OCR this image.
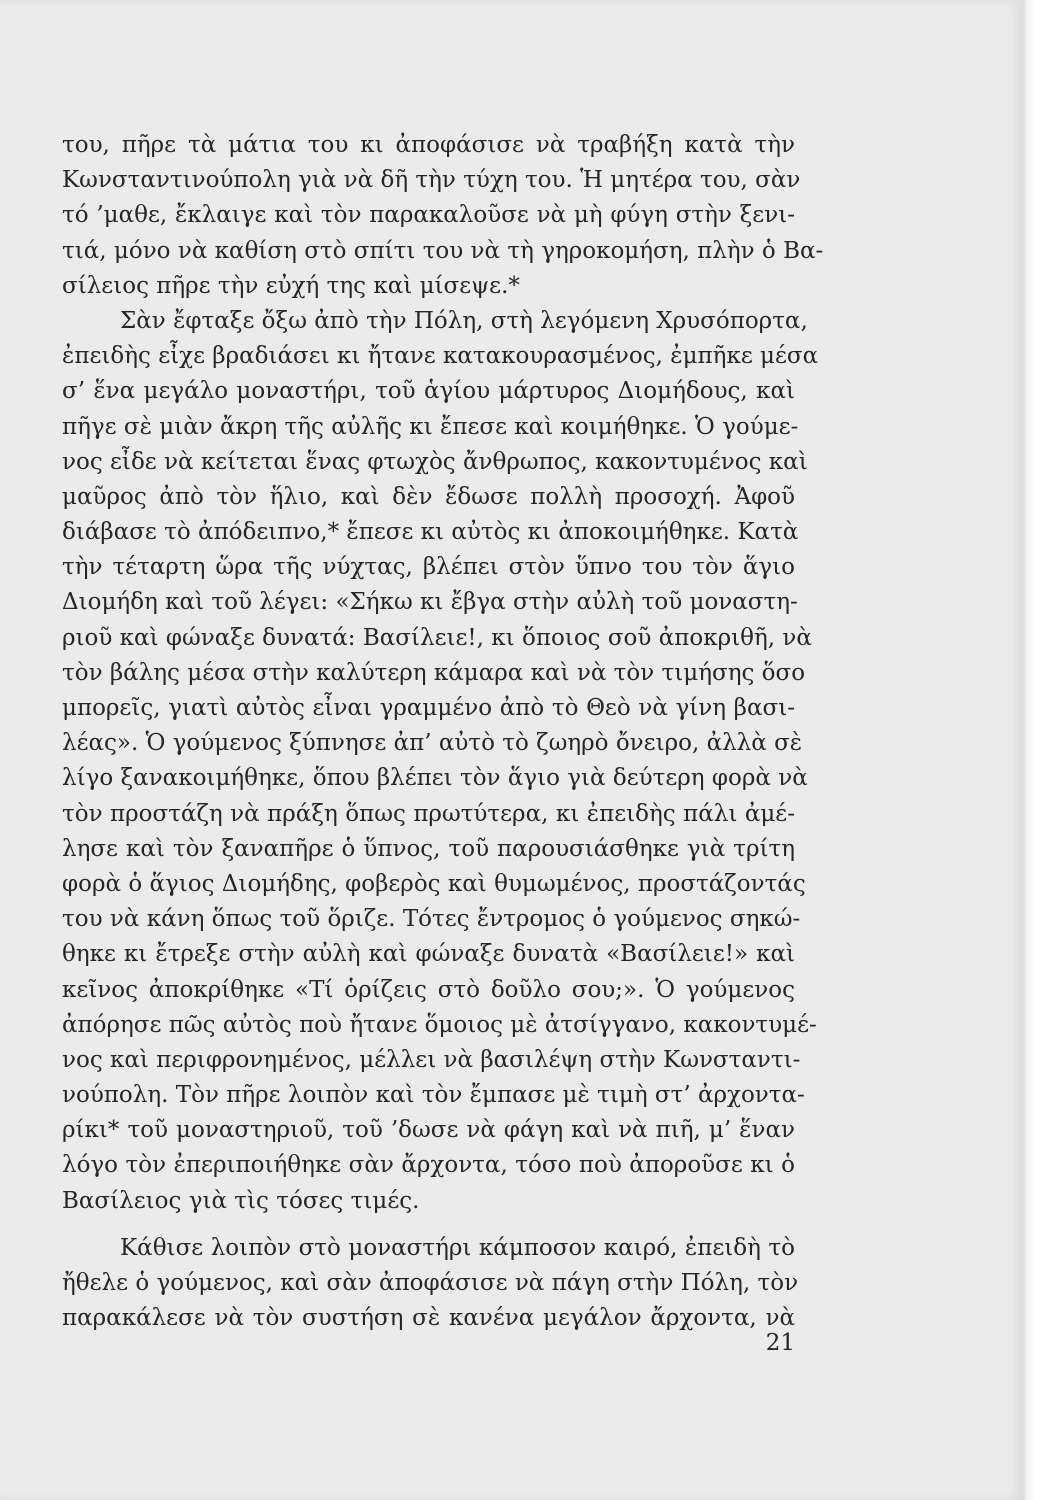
του, πῆρε τὰ μάτια του κι ἀποφάσισε νὰ τραβήξη κατὰ τὴν
Κωνσταντινούπολη γιὰ νὰ δῆ τὴν τύχη του. Ἡ μητέρα του, σὰν
τό ’μαθε, ἔκλαιγε καὶ τὸν παρακαλοῦσε νὰ μὴ φύγη στὴν ξενι-
τιά, μόνο νὰ καθίση στὸ σπίτι του νὰ τὴ γηροκομήση, πλὴν ὁ Βα-
σίλειος πῆρε τὴν εὐχή της καὶ μίσεψε.*
Σὰν ἔφταξε ὄξω ἀπὸ τὴν Πόλη, στὴ λεγόμενη Χρυσόπορτα,
ἐπειδὴς εἶχε βραδιάσει κι ἤτανε κατακουρασμένος, ἐμπῆκε μέσα
σ’ ἕνα μεγάλο μοναστήρι, τοῦ ἁγίου μάρτυρος Διομήδους, καὶ
πῆγε σὲ μιὰν ἄκρη τῆς αὐλῆς κι ἔπεσε καὶ κοιμήθηκε. Ὁ γούμε-
νος εἶδε νὰ κείτεται ἕνας φτωχὸς ἄνθρωπος, κακοντυμένος καὶ
μαῦρος ἀπὸ τὸν ἥλιο, καὶ δὲν ἔδωσε πολλὴ προσοχή. Ἀφοῦ
διάβασε τὸ ἀπόδειπνο,* ἔπεσε κι αὐτὸς κι ἀποκοιμήθηκε. Κατὰ
τὴν τέταρτη ὥρα τῆς νύχτας, βλέπει στὸν ὕπνο του τὸν ἅγιο
Διομήδη καὶ τοῦ λέγει: «Σήκω κι ἔβγα στὴν αὐλὴ τοῦ μοναστη-
ριοῦ καὶ φώναξε δυνατά: Βασίλειε!, κι ὅποιος σοῦ ἀποκριθῆ, νὰ
τὸν βάλης μέσα στὴν καλύτερη κάμαρα καὶ νὰ τὸν τιμήσης ὅσο
μπορεῖς, γιατὶ αὐτὸς εἶναι γραμμένο ἀπὸ τὸ Θεὸ νὰ γίνη βασι-
λέας». Ὁ γούμενος ξύπνησε ἀπ’ αὐτὸ τὸ ζωηρὸ ὄνειρο, ἀλλὰ σὲ
λίγο ξανακοιμήθηκε, ὅπου βλέπει τὸν ἅγιο γιὰ δεύτερη φορὰ νὰ
τὸν προστάζη νὰ πράξη ὅπως πρωτύτερα, κι ἐπειδὴς πάλι ἀμέ-
λησε καὶ τὸν ξαναπῆρε ὁ ὕπνος, τοῦ παρουσιάσθηκε γιὰ τρίτη
φορὰ ὁ ἅγιος Διομήδης, φοβερὸς καὶ θυμωμένος, προστάζοντάς
του νὰ κάνη ὅπως τοῦ ὅριζε. Τότες ἔντρομος ὁ γούμενος σηκώ-
θηκε κι ἔτρεξε στὴν αὐλὴ καὶ φώναξε δυνατὰ «Βασίλειε!» καὶ
κεῖνος ἀποκρίθηκε «Τί ὁρίζεις στὸ δοῦλο σου;». Ὁ γούμενος
ἀπόρησε πῶς αὐτὸς ποὺ ἤτανε ὅμοιος μὲ ἀτσίγγανο, κακοντυμέ-
νος καὶ περιφρονημένος, μέλλει νὰ βασιλέψη στὴν Κωνσταντι-
νούπολη. Τὸν πῆρε λοιπὸν καὶ τὸν ἔμπασε μὲ τιμὴ στ’ ἀρχοντα-
ρίκι* τοῦ μοναστηριοῦ, τοῦ ’δωσε νὰ φάγη καὶ νὰ πιῆ, μ’ ἕναν
λόγο τὸν ἐπεριποιήθηκε σὰν ἄρχοντα, τόσο ποὺ ἀποροῦσε κι ὁ
Βασίλειος γιὰ τὶς τόσες τιμές.
Κάθισε λοιπὸν στὸ μοναστήρι κάμποσον καιρό, ἐπειδὴ τὸ
ἤθελε ὁ γούμενος, καὶ σὰν ἀποφάσισε νὰ πάγη στὴν Πόλη, τὸν
παρακάλεσε νὰ τὸν συστήση σὲ κανένα μεγάλον ἄρχοντα, νὰ
21
